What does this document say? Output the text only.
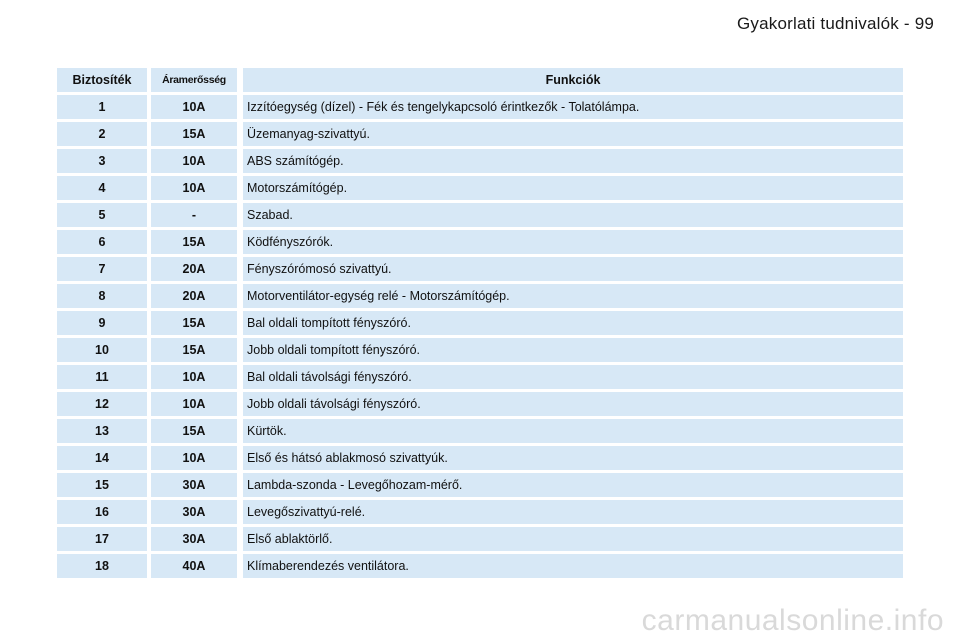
Gyakorlati tudnivalók - 99
Biztosíték	Áramerősség	Funkciók
1	10A	Izzítóegység (dízel) - Fék és tengelykapcsoló érintkezők - Tolatólámpa.
2	15A	Üzemanyag-szivattyú.
3	10A	ABS számítógép.
4	10A	Motorszámítógép.
5	-	Szabad.
6	15A	Ködfényszórók.
7	20A	Fényszórómosó szivattyú.
8	20A	Motorventilátor-egység relé - Motorszámítógép.
9	15A	Bal oldali tompított fényszóró.
10	15A	Jobb oldali tompított fényszóró.
11	10A	Bal oldali távolsági fényszóró.
12	10A	Jobb oldali távolsági fényszóró.
13	15A	Kürtök.
14	10A	Első és hátsó ablakmosó szivattyúk.
15	30A	Lambda-szonda - Levegőhozam-mérő.
16	30A	Levegőszivattyú-relé.
17	30A	Első ablaktörlő.
18	40A	Klímaberendezés ventilátora.
carmanualsonline.info
